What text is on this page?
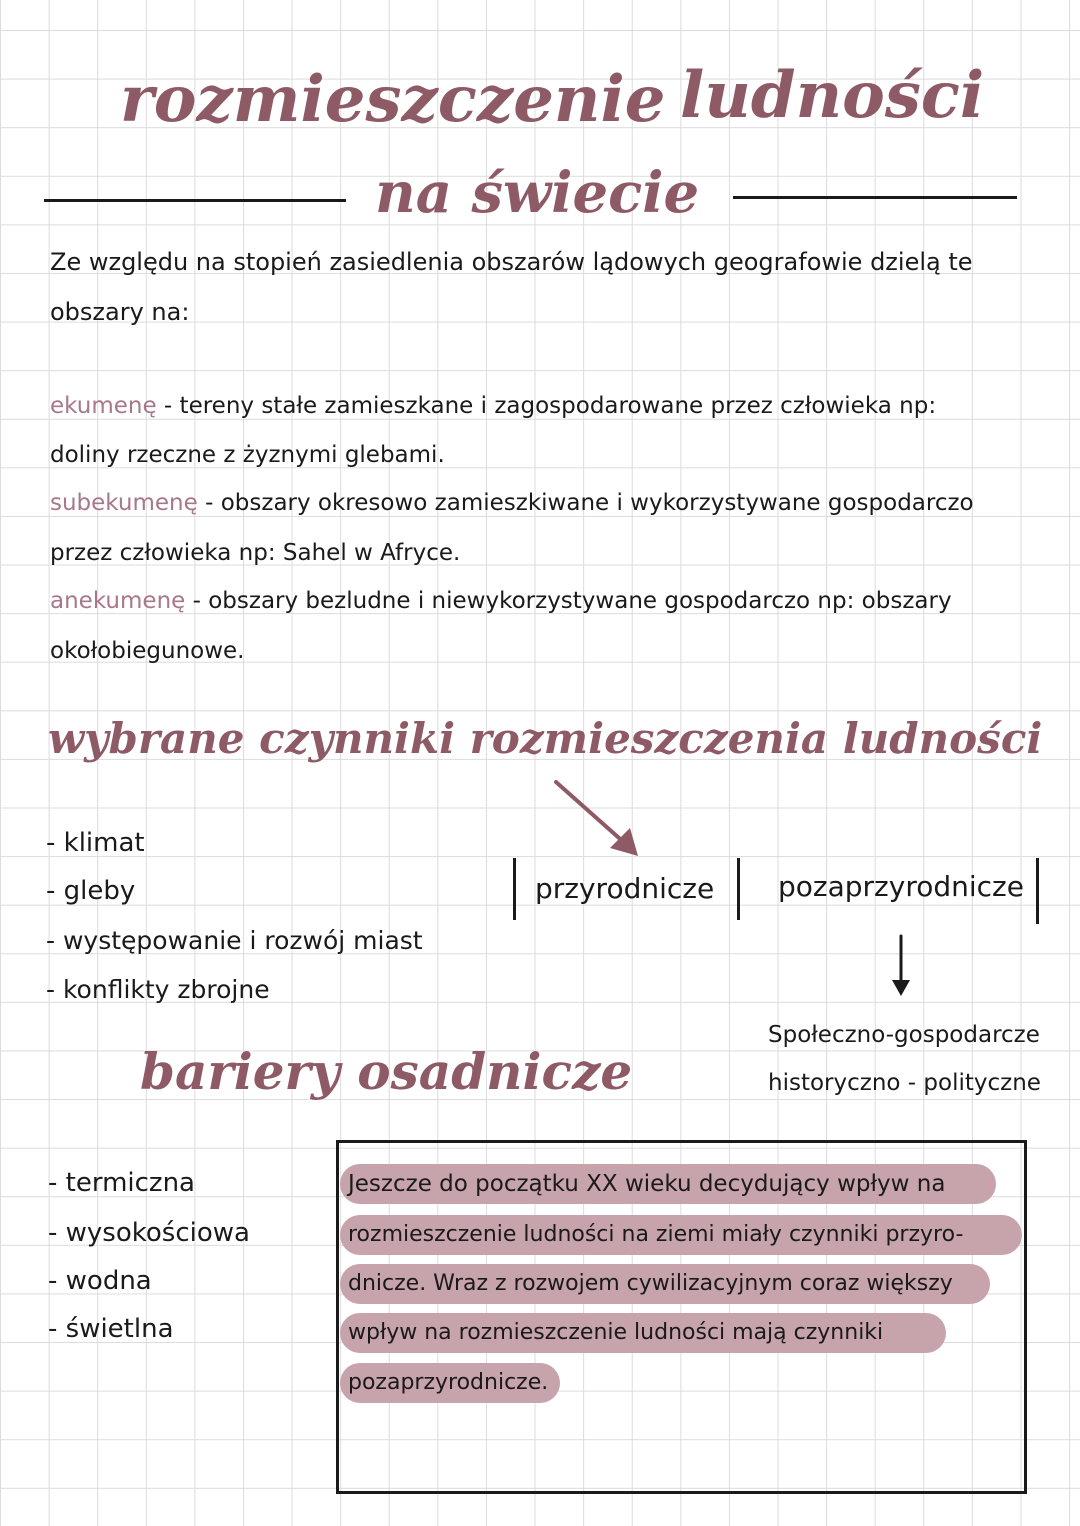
rozmieszczenie ludności
na świecie
Ze względu na stopień zasiedlenia obszarów lądowych geografowie dzielą te
obszary na:
ekumenę - tereny stałe zamieszkane i zagospodarowane przez człowieka np:
doliny rzeczne z żyznymi glebami.
subekumenę - obszary okresowo zamieszkiwane i wykorzystywane gospodarczo
przez człowieka np: Sahel w Afryce.
anekumenę - obszary bezludne i niewykorzystywane gospodarczo np: obszary
okołobiegunowe.
wybrane czynniki rozmieszczenia ludności
- klimat
- gleby
- występowanie i rozwój miast
- konflikty zbrojne
przyrodnicze pozaprzyrodnicze
Społeczno-gospodarcze
historyczno - polityczne
bariery osadnicze
- termiczna
- wysokościowa
- wodna
- świetlna
Jeszcze do początku XX wieku decydujący wpływ na
rozmieszczenie ludności na ziemi miały czynniki przyro-
dnicze. Wraz z rozwojem cywilizacyjnym coraz większy
wpływ na rozmieszczenie ludności mają czynniki
pozaprzyrodnicze.
